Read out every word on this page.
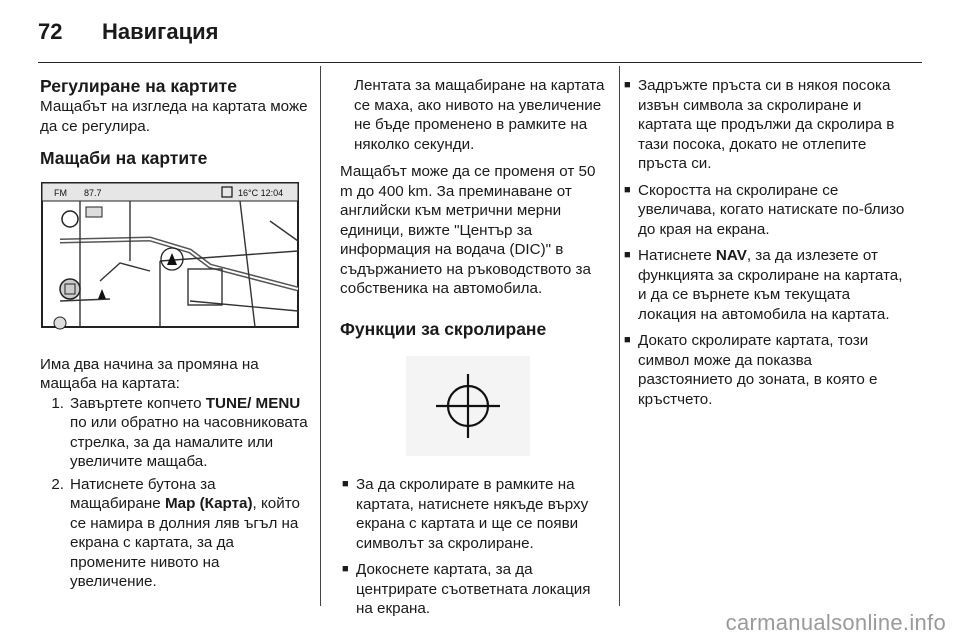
72	Навигация
Регулиране на картите

Мащабът на изгледа на картата може да се регулира.

Мащаби на картите
FM 87.7	16°C 12:04

Има два начина за промяна на мащаба на картата:

1. Завъртете копчето TUNE/ MENU по или обратно на часовниковата стрелка, за да намалите или увеличите мащаба.
2. Натиснете бутона за мащабиране Map (Карта), който се намира в долния ляв ъгъл на екрана с картата, за да промените нивото на увеличение.

Лентата за мащабиране на картата се маха, ако нивото на увеличение не бъде променено в рамките на няколко секунди.

Мащабът може да се променя от 50 m до 400 km. За преминаване от английски към метрични мерни единици, вижте "Център за информация на водача (DIC)" в съдържанието на ръководството за собственика на автомобила.

Функции за скролиране
■ За да скролирате в рамките на картата, натиснете някъде върху екрана с картата и ще се появи символът за скролиране.
■ Докоснете картата, за да центрирате съответната локация на екрана.
■ Задръжте пръста си в някоя посока извън символа за скролиране и картата ще продължи да скролира в тази посока, докато не отлепите пръста си.
■ Скоростта на скролиране се увеличава, когато натискате по-близо до края на екрана.
■ Натиснете NAV, за да излезете от функцията за скролиране на картата, и да се върнете към текущата локация на автомобила на картата.
■ Докато скролирате картата, този символ може да показва разстоянието до зоната, в която е кръстчето.
carmanualsonline.info
